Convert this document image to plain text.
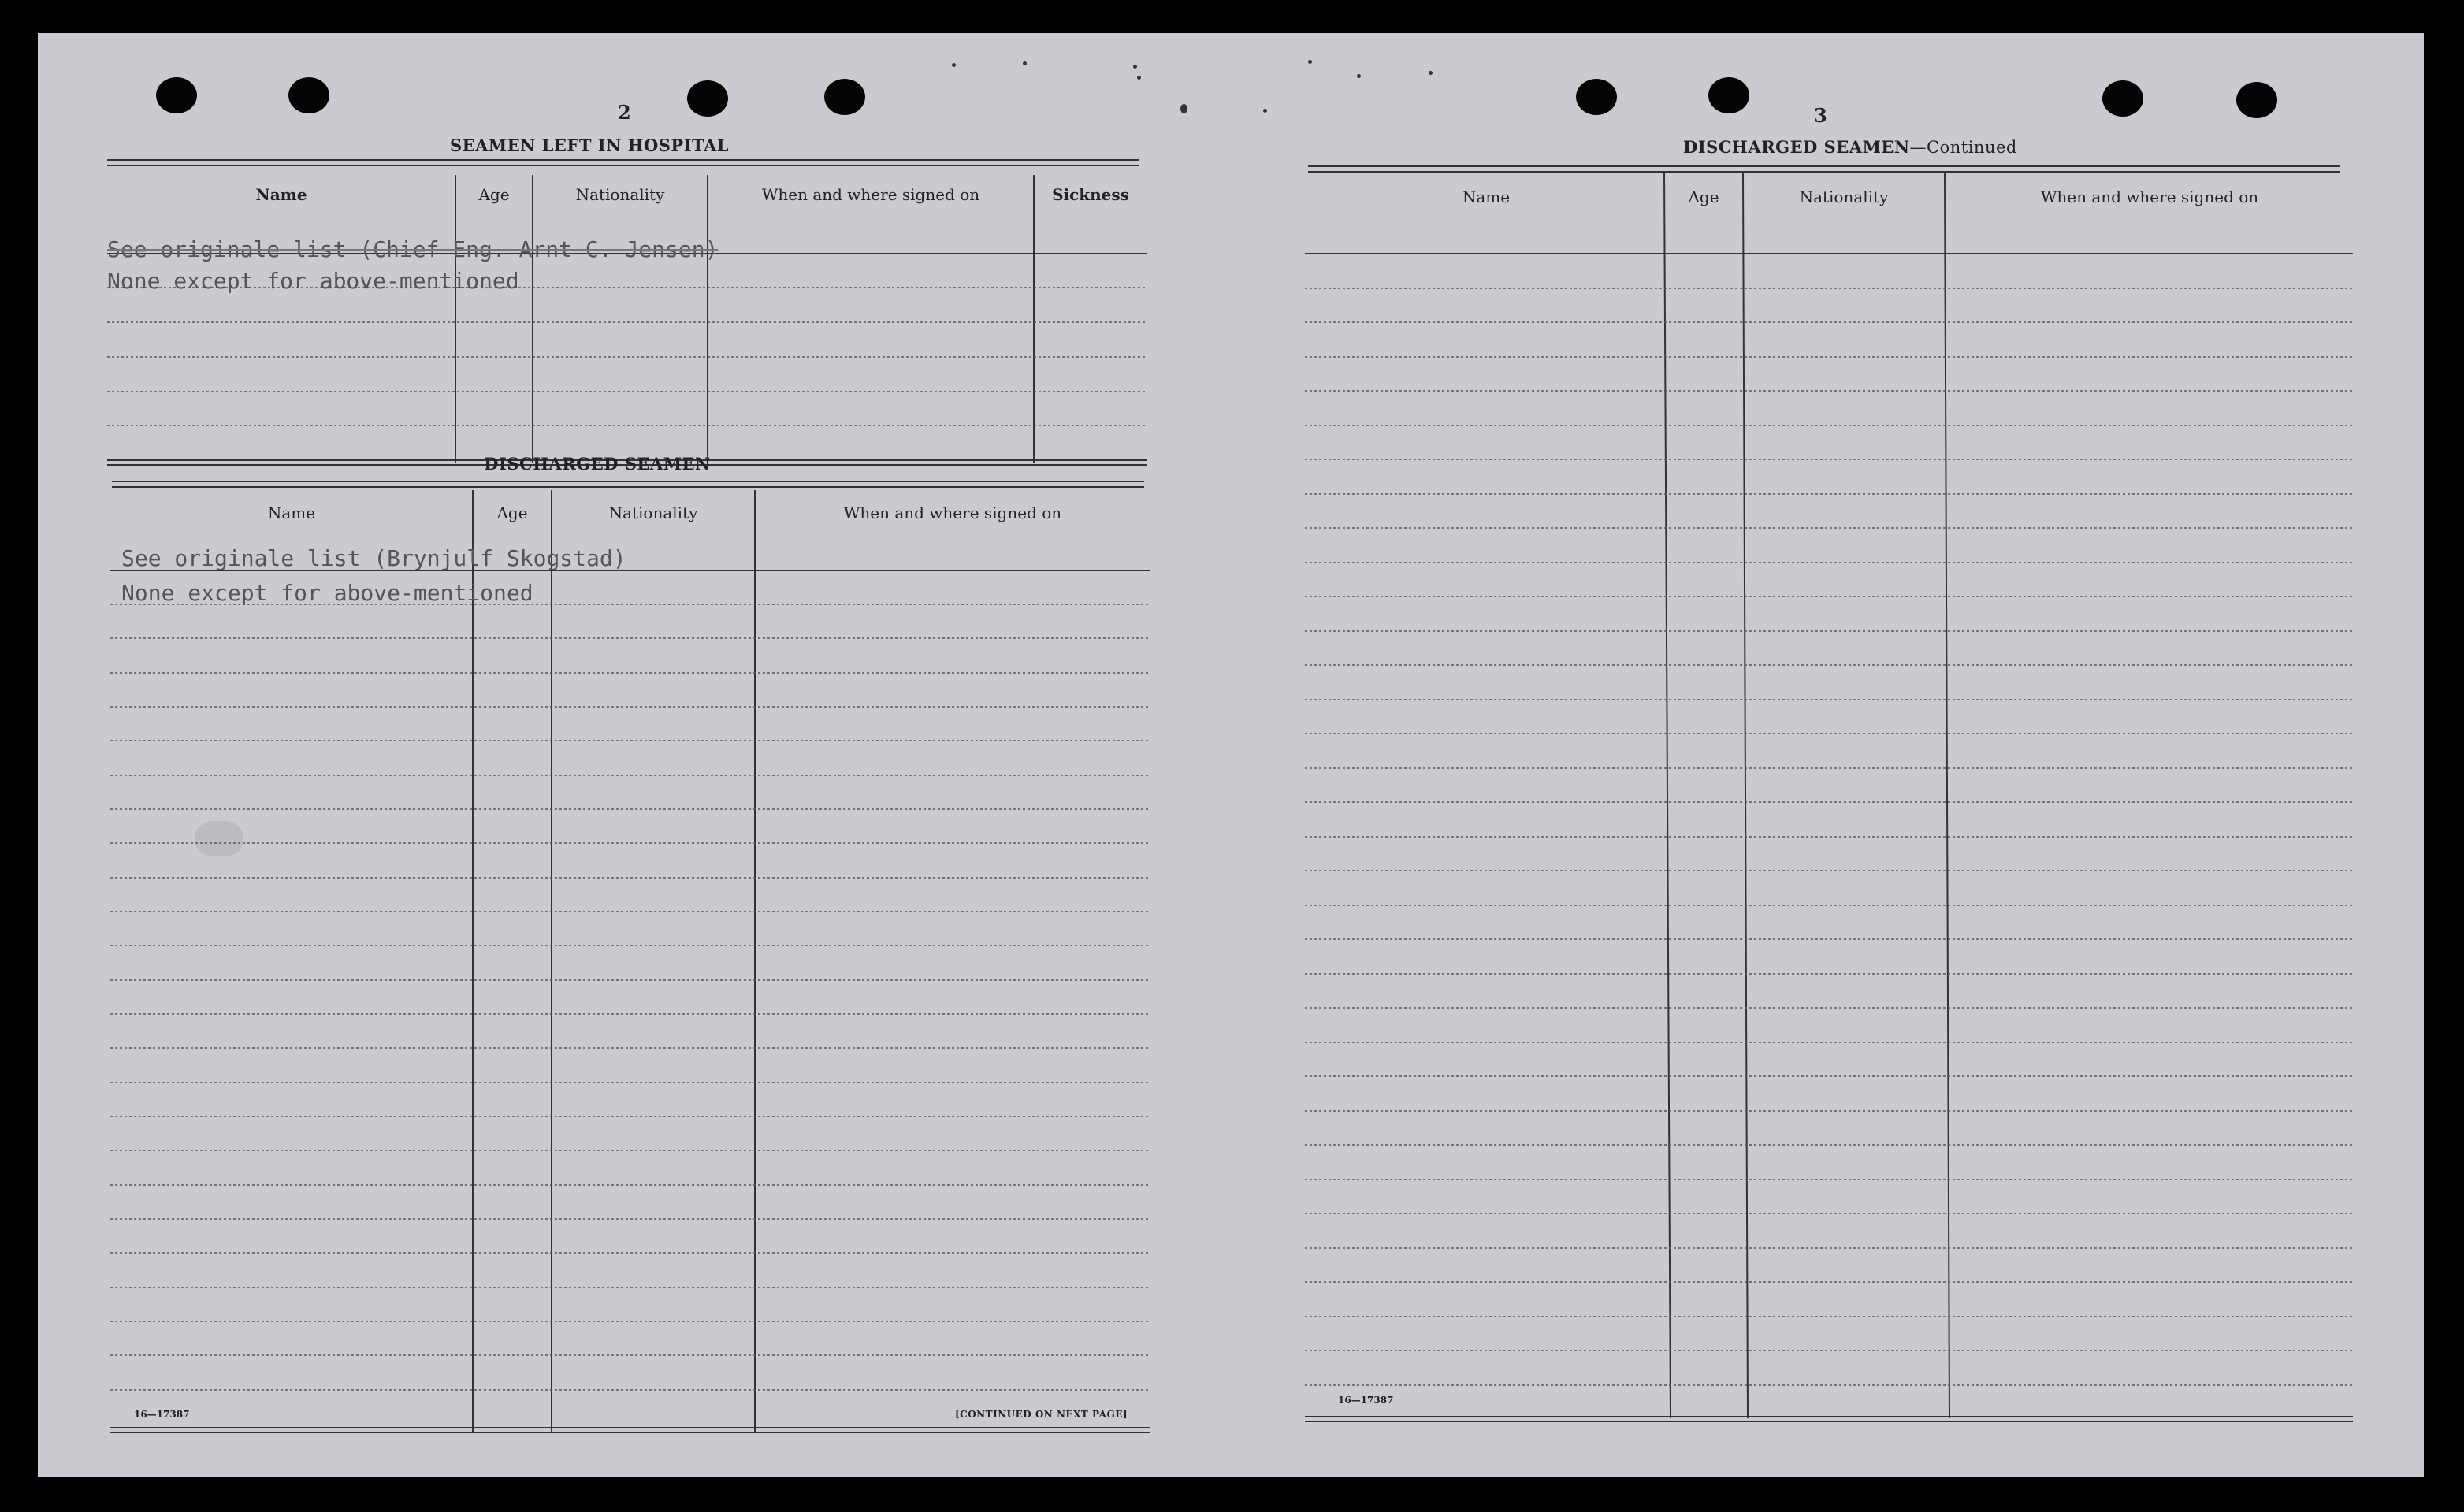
2
SEAMEN LEFT IN HOSPITAL
Name	Age	Nationality	When and where signed on	Sickness
See originale list (Chief Eng. Arnt C. Jensen)
None except for above-mentioned
DISCHARGED SEAMEN
Name	Age	Nationality	When and where signed on
See originale list (Brynjulf Skogstad)
None except for above-mentioned
16—17387	[CONTINUED ON NEXT PAGE]
3
DISCHARGED SEAMEN—Continued
Name	Age	Nationality	When and where signed on
16—17387
